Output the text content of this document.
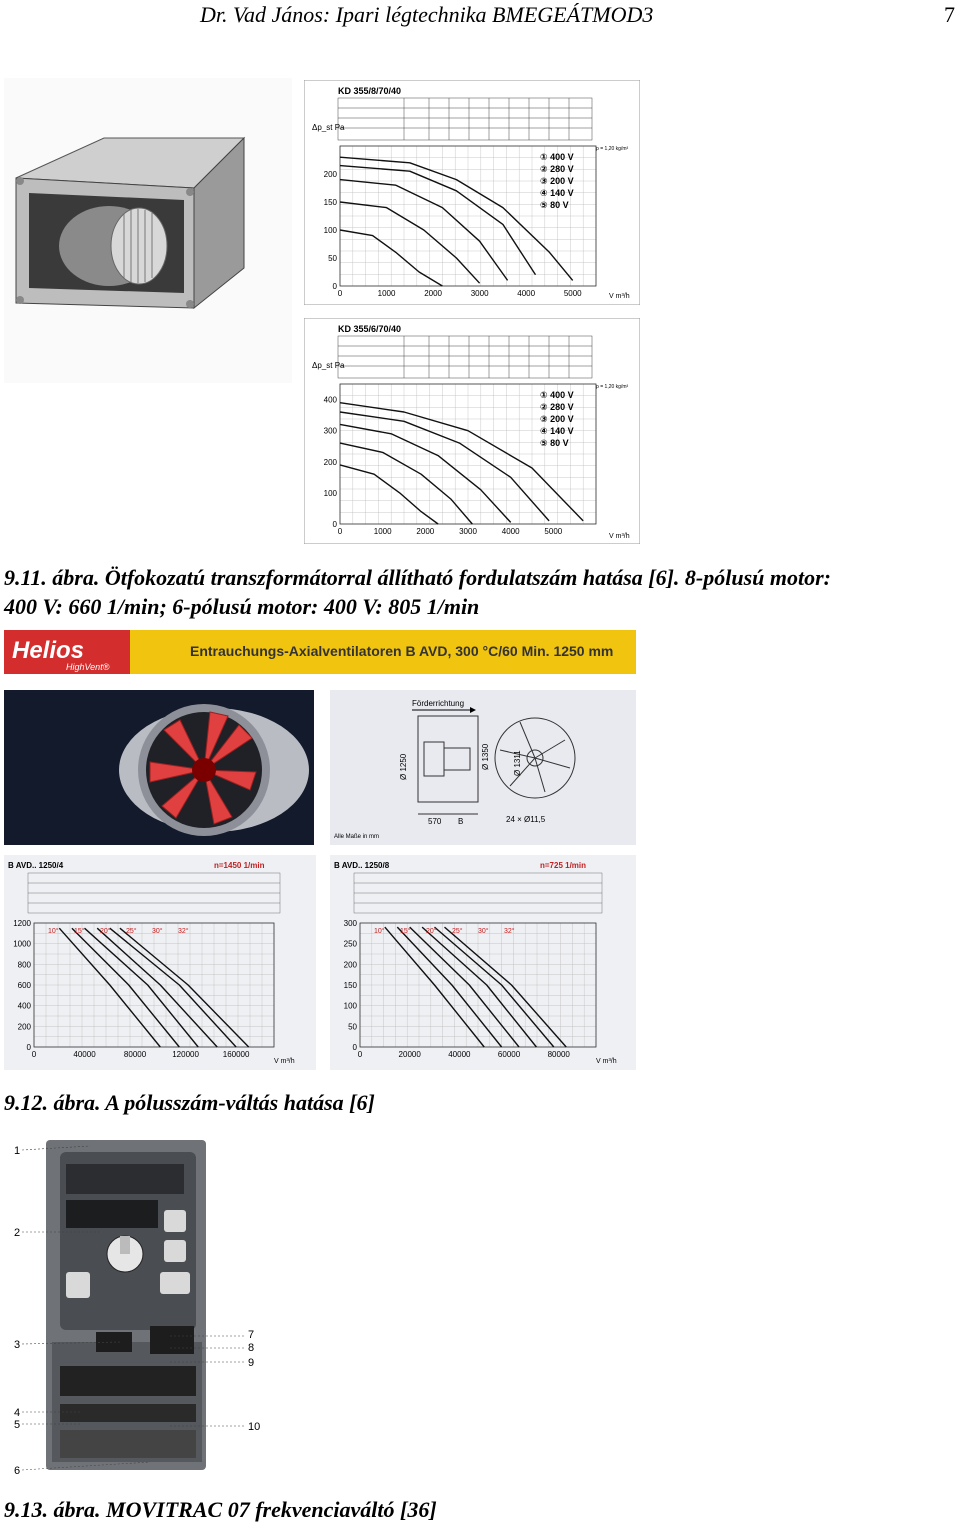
Dr. Vad János: Ipari légtechnika BMEGEÁTMOD3	7
KD 355/8/70/40
Δp_st Pa
ρ = 1,20 kg/m³
0	1000	2000	3000	4000	5000
0
50
100
150
200
① 400 V
② 280 V
③ 200 V
④ 140 V
⑤ 80 V
V m³/h
KD 355/6/70/40
Δp_st Pa
ρ = 1,20 kg/m³
0	1000	2000	3000	4000	5000
0
100
200
300
400
① 400 V
② 280 V
③ 200 V
④ 140 V
⑤ 80 V
V m³/h
9.11. ábra. Ötfokozatú transzformátorral állítható fordulatszám hatása [6]. 8-pólusú motor:
400 V: 660 1/min; 6-pólusú motor: 400 V: 805 1/min
Helios
HighVent®
Entrauchungs-Axialventilatoren B AVD, 300 °C/60 Min. 1250 mm
Förderrichtung
Ø 1250	Ø 1350	Ø 1311
570 B	24 × Ø11,5
Alle Maße in mm
B AVD.. 1250/4	n=1450 1/min
0	40000	80000	120000	160000
0
200
400
600
800
1000
1200
10° 15° 20° 25° 30° 32°
V m³/h
B AVD.. 1250/8	n=725 1/min
0	20000	40000	60000	80000
0
50
100
150
200
250
300
10° 15° 20° 25° 30° 32°
V m³/h
9.12. ábra. A pólusszám-váltás hatása [6]
1
2
3
4
5
6
7
8
9
10
9.13. ábra. MOVITRAC 07 frekvenciaváltó [36]
